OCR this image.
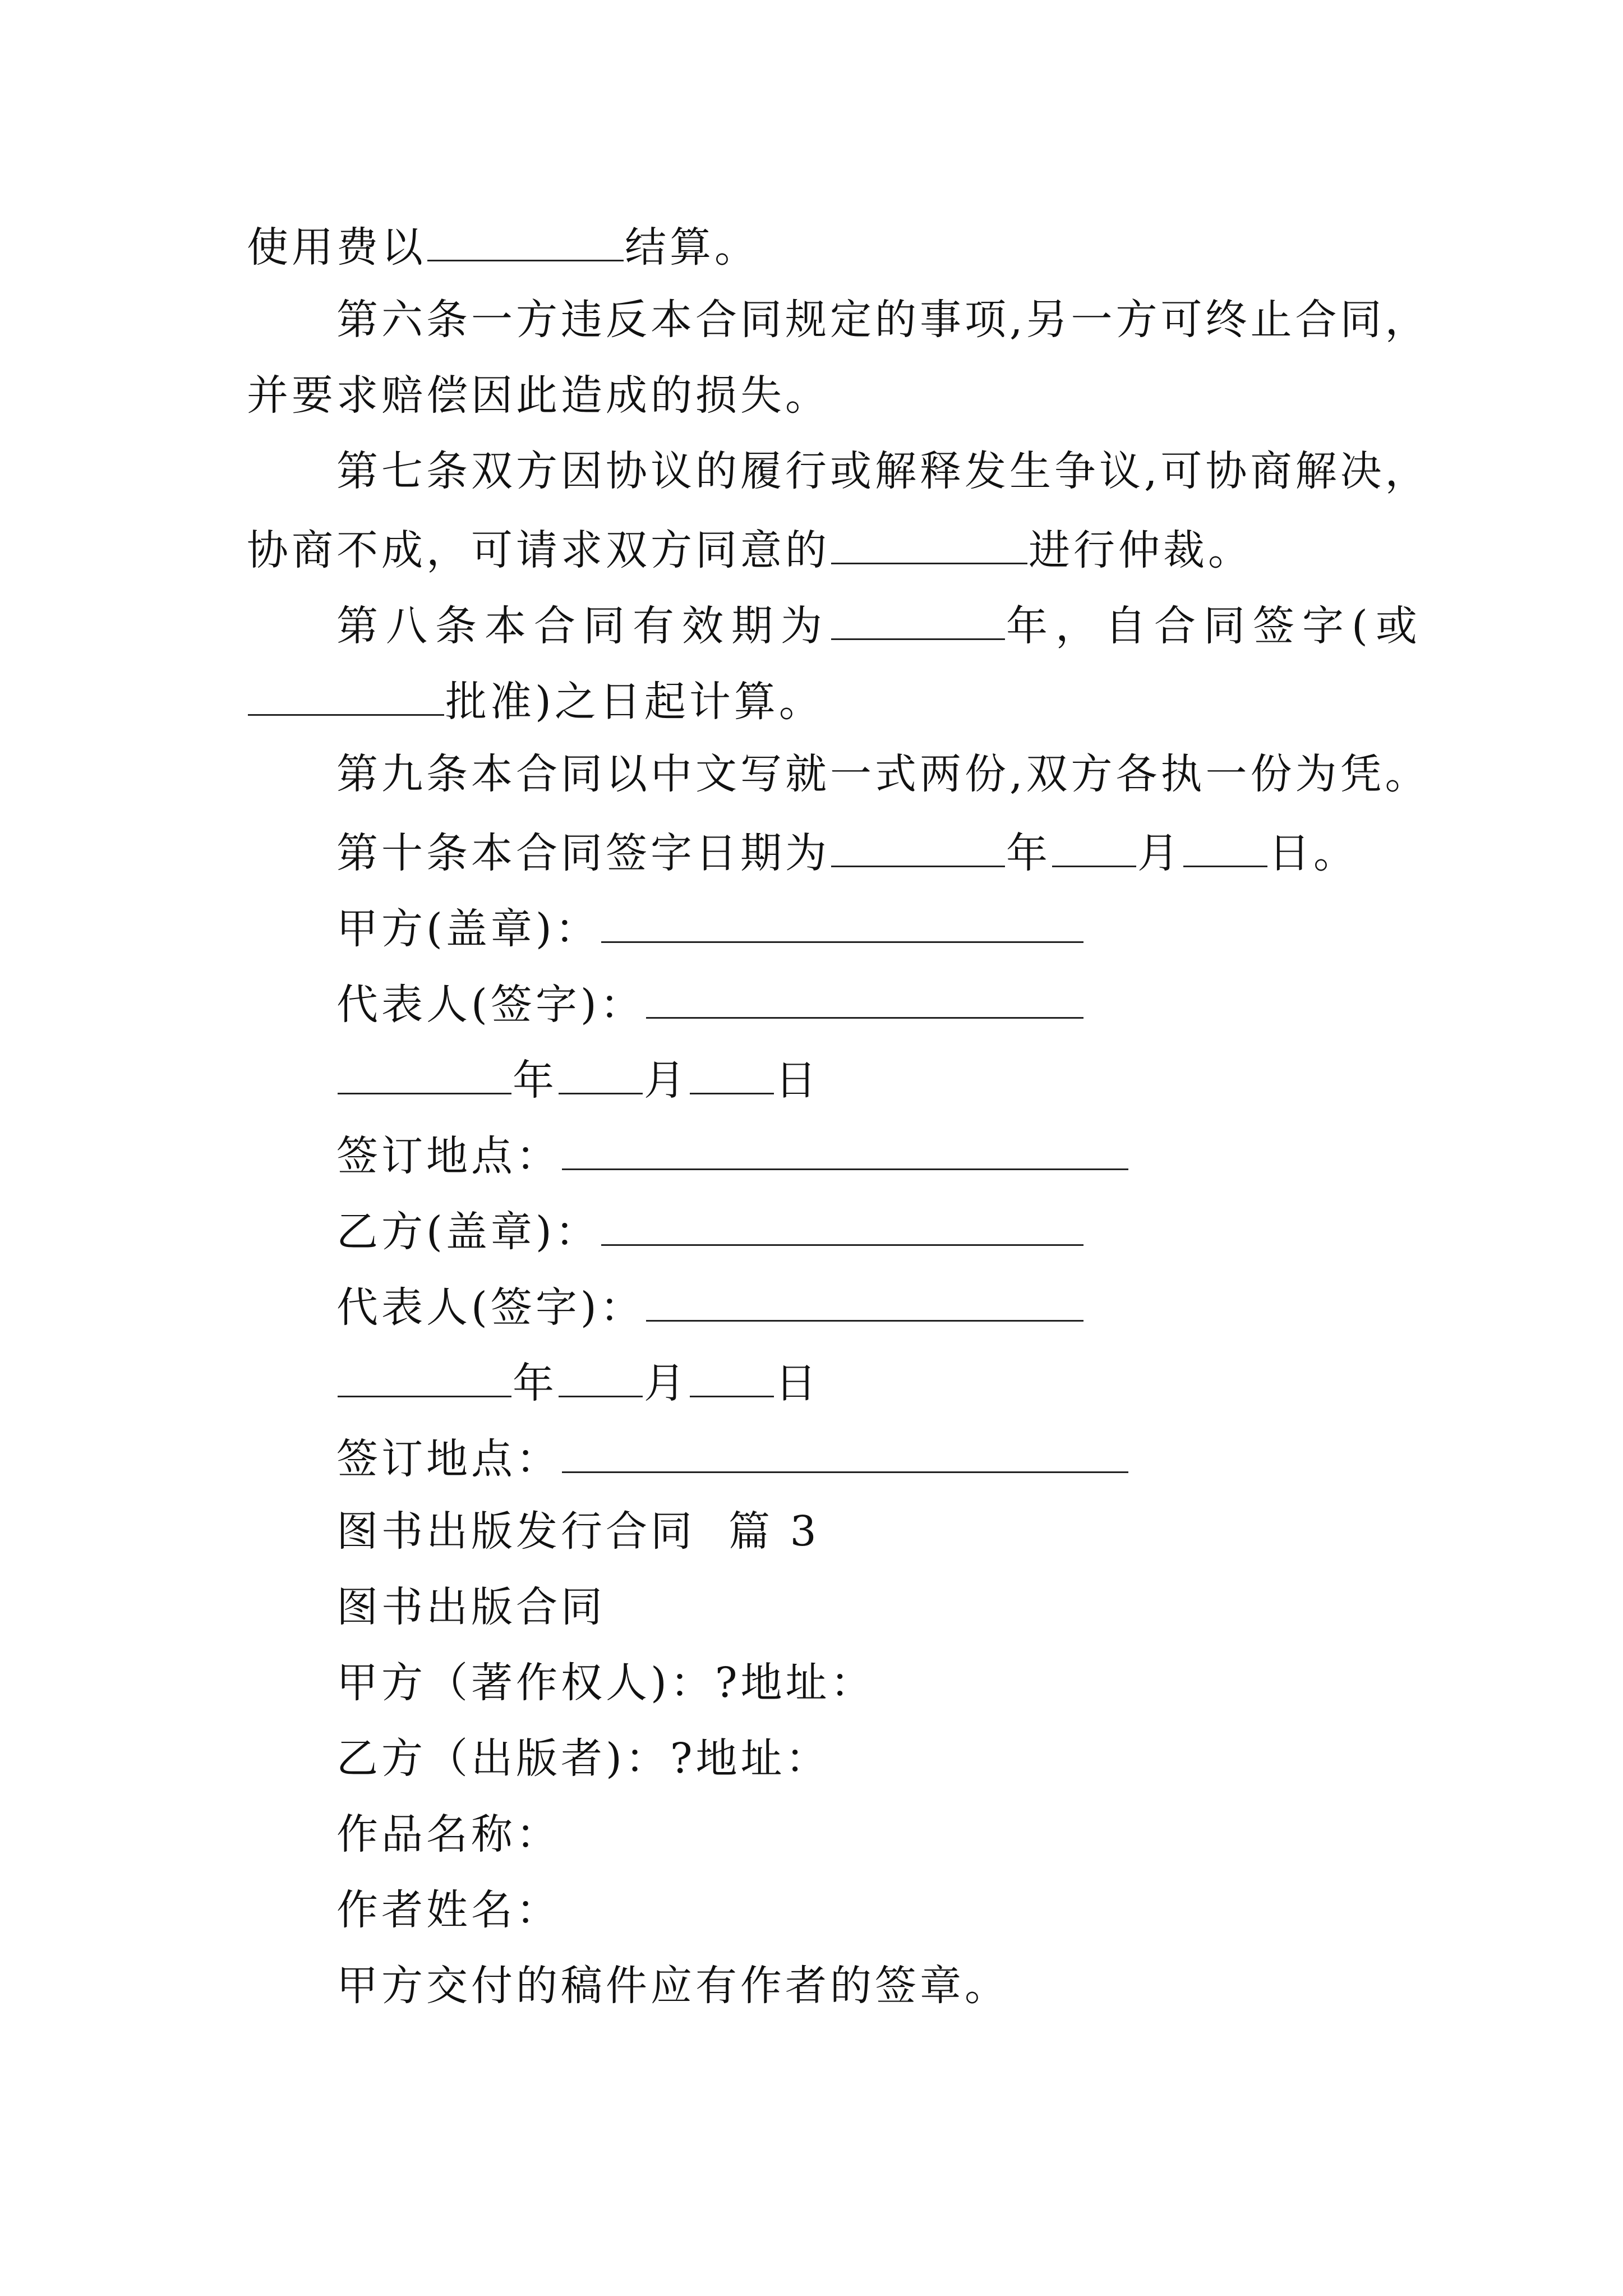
使用费以	结算。
第六条一方违反本合同规定的事项,另一方可终止合同，
并要求赔偿因此造成的损失。
第七条双方因协议的履行或解释发生争议,可协商解决，
协商不成，可请求双方同意的	进行仲裁。
第八条本合同有效期为	年，自合同签字(或
批准)之日起计算。
第九条本合同以中文写就一式两份,双方各执一份为凭。
第十条本合同签字日期为	年 月 日。
甲方(盖章)：
代表人(签字)：
年 月 日
签订地点：
乙方(盖章)：
代表人(签字)：
年 月 日
签订地点：
图书出版发行合同  篇 3
图书出版合同
甲方（著作权人)：?地址：
乙方（出版者)：?地址：
作品名称：
作者姓名：
甲方交付的稿件应有作者的签章。
